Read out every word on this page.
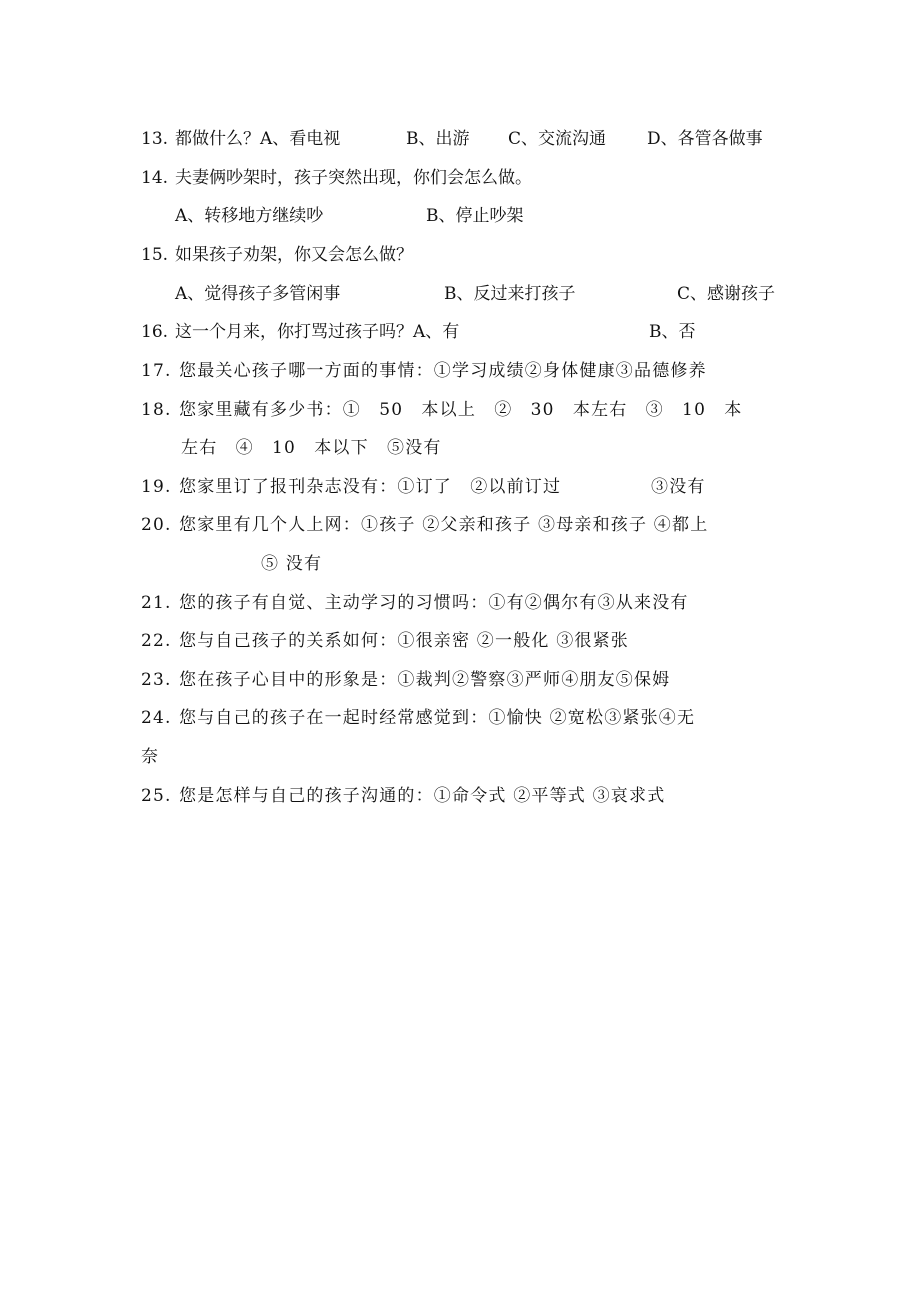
13. 都做什么？A、看电视	B、出游 C、交流沟通 D、各管各做事
14. 夫妻俩吵架时，孩子突然出现，你们会怎么做。
A、转移地方继续吵	B、停止吵架
15. 如果孩子劝架，你又会怎么做？
A、觉得孩子多管闲事	B、反过来打孩子	C、感谢孩子
16. 这一个月来，你打骂过孩子吗？A、有	B、否
17. 您最关心孩子哪一方面的事情：①学习成绩②身体健康③品德修养
18. 您家里藏有多少书：①　50　本以上　②　30　本左右　③　10　本
左右　④　10　本以下　⑤没有
19. 您家里订了报刊杂志没有：①订了　②以前订过	③没有
20. 您家里有几个人上网：①孩子 ②父亲和孩子 ③母亲和孩子 ④都上
⑤ 没有
21. 您的孩子有自觉、主动学习的习惯吗：①有②偶尔有③从来没有
22. 您与自己孩子的关系如何：①很亲密 ②一般化 ③很紧张
23. 您在孩子心目中的形象是：①裁判②警察③严师④朋友⑤保姆
24. 您与自己的孩子在一起时经常感觉到：①愉快 ②宽松③紧张④无
奈
25. 您是怎样与自己的孩子沟通的：①命令式 ②平等式 ③哀求式
